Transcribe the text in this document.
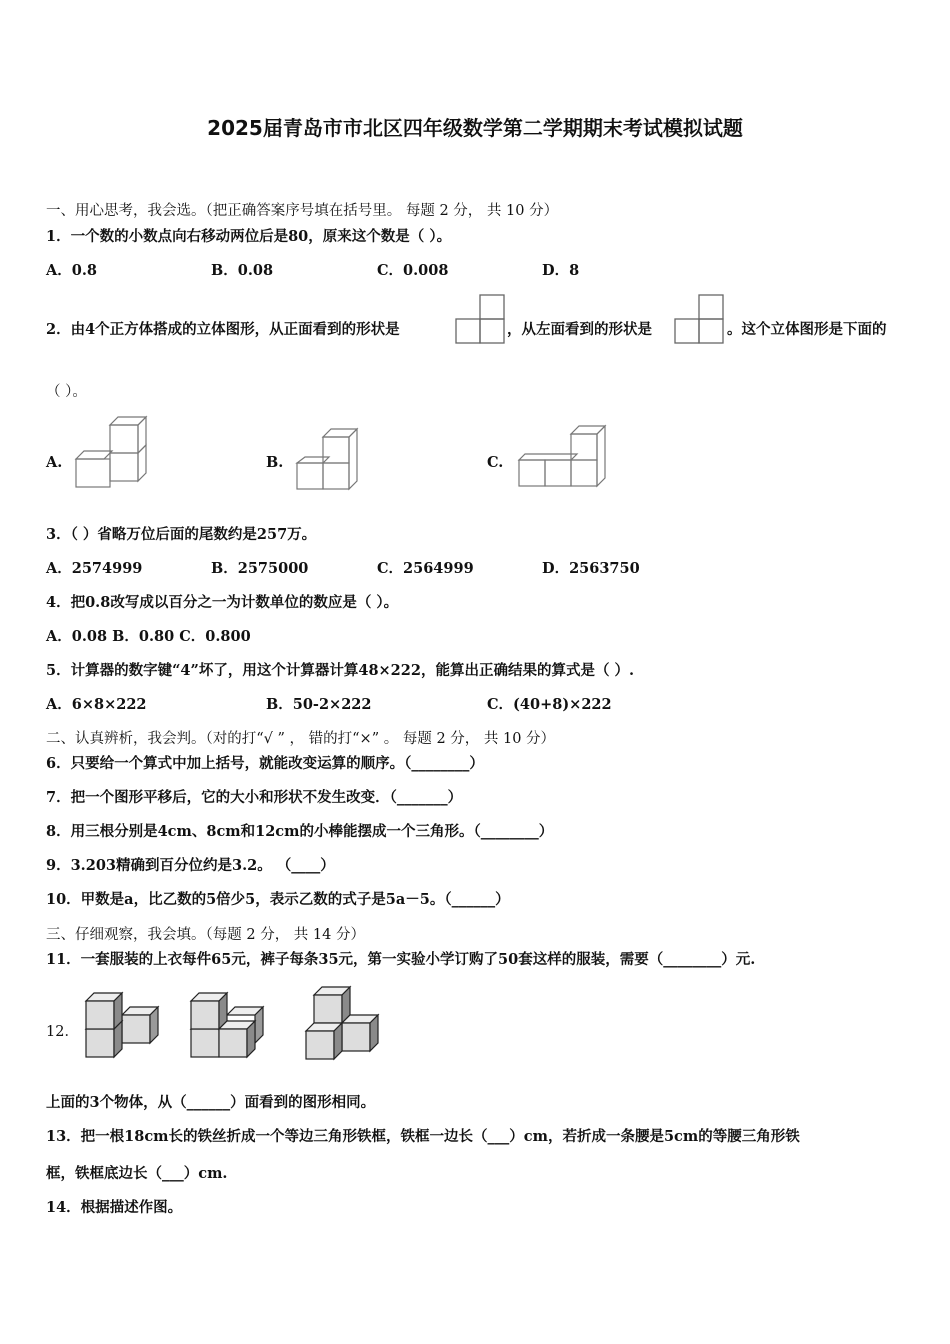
2025届青岛市市北区四年级数学第二学期期末考试模拟试题
一、用心思考，我会选。（把正确答案序号填在括号里。 每题 2 分， 共 10 分）
1．一个数的小数点向右移动两位后是80，原来这个数是（ ）。
A．0.8	B．0.08	C．0.008	D．8
2．由4个正方体搭成的立体图形，从正面看到的形状是	，从左面看到的形状是	。这个立体图形是下面的
（ ）。
A.	B.	C.
3．（ ）省略万位后面的尾数约是257万。
A．2574999	B．2575000	C．2564999	D．2563750
4．把0.8改写成以百分之一为计数单位的数应是（ ）。
A．0.08 B．0.80 C．0.800
5．计算器的数字键“4”坏了，用这个计算器计算48×222，能算出正确结果的算式是（ ）.
A．6×8×222	B．50-2×222	C．(40+8)×222
二、认真辨析，我会判。（对的打“√ ” ， 错的打“×” 。 每题 2 分， 共 10 分）
6．只要给一个算式中加上括号，就能改变运算的顺序。（________）
7．把一个图形平移后，它的大小和形状不发生改变．（_______）
8．用三根分别是4cm、8cm和12cm的小棒能摆成一个三角形。（________）
9．3.203精确到百分位约是3.2。 （____）
10．甲数是a，比乙数的5倍少5，表示乙数的式子是5a－5。（______）
三、仔细观察，我会填。（每题 2 分， 共 14 分）
11．一套服装的上衣每件65元，裤子每条35元，第一实验小学订购了50套这样的服装，需要（________）元.
12．
上面的3个物体，从（______）面看到的图形相同。
13．把一根18cm长的铁丝折成一个等边三角形铁框，铁框一边长（___）cm，若折成一条腰是5cm的等腰三角形铁
框，铁框底边长（___）cm.
14．根据描述作图。
